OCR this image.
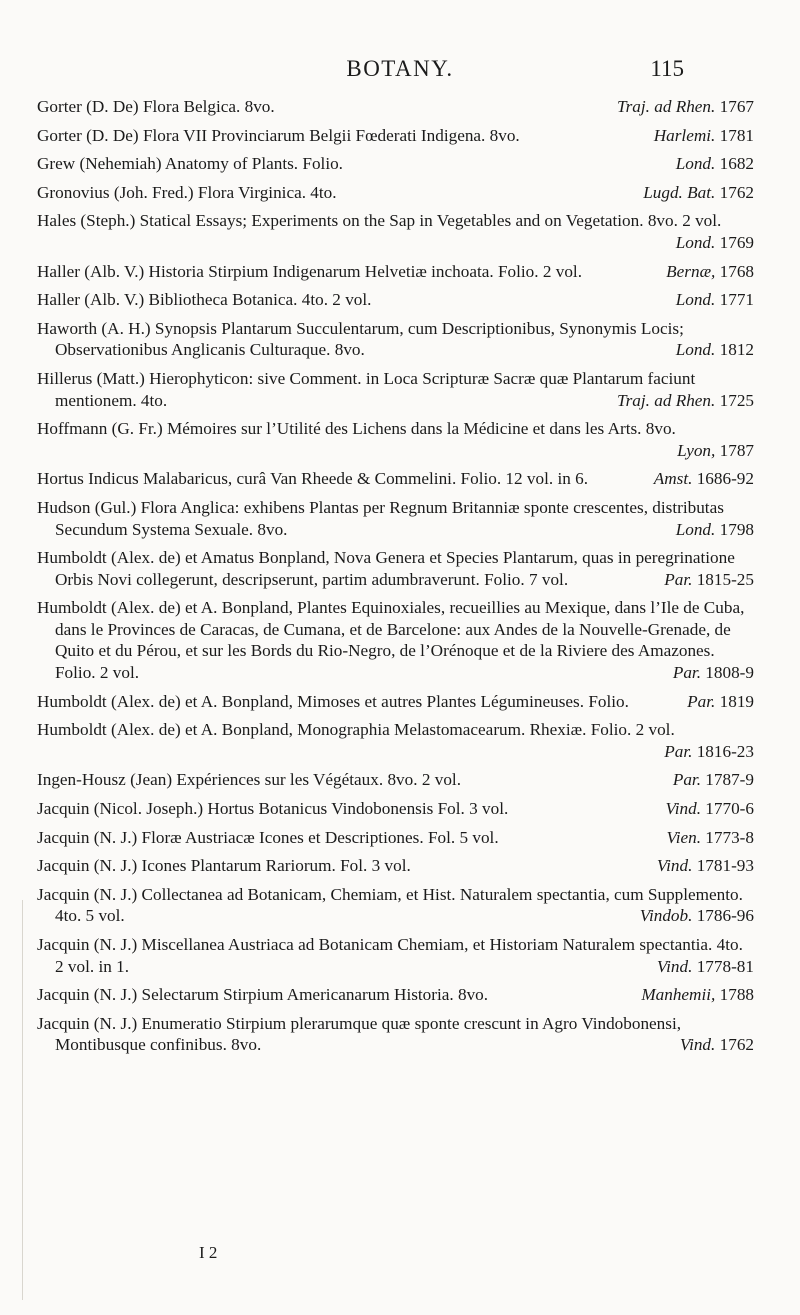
BOTANY.	115
Gorter (D. De) Flora Belgica. 8vo.	Traj. ad Rhen. 1767
Gorter (D. De) Flora VII Provinciarum Belgii Fœderati Indigena. 8vo.	Harlemi. 1781
Grew (Nehemiah) Anatomy of Plants. Folio.	Lond. 1682
Gronovius (Joh. Fred.) Flora Virginica. 4to.	Lugd. Bat. 1762
Hales (Steph.) Statical Essays; Experiments on the Sap in Vegetables and on Vegetation. 8vo. 2 vol.
Lond. 1769
Haller (Alb. V.) Historia Stirpium Indigenarum Helvetiæ inchoata. Folio. 2 vol.	Bernæ, 1768
Haller (Alb. V.) Bibliotheca Botanica. 4to. 2 vol.	Lond. 1771
Haworth (A. H.) Synopsis Plantarum Succulentarum, cum Descriptionibus, Synonymis Locis; Observationibus Anglicanis Culturaque. 8vo.	Lond. 1812
Hillerus (Matt.) Hierophyticon: sive Comment. in Loca Scripturæ Sacræ quæ Plantarum faciunt mentionem. 4to.	Traj. ad Rhen. 1725
Hoffmann (G. Fr.) Mémoires sur l’Utilité des Lichens dans la Médicine et dans les Arts. 8vo.
Lyon, 1787
Hortus Indicus Malabaricus, curâ Van Rheede & Commelini. Folio. 12 vol. in 6.	Amst. 1686-92
Hudson (Gul.) Flora Anglica: exhibens Plantas per Regnum Britanniæ sponte crescentes, distributas Secundum Systema Sexuale. 8vo.	Lond. 1798
Humboldt (Alex. de) et Amatus Bonpland, Nova Genera et Species Plantarum, quas in peregrinatione Orbis Novi collegerunt, descripserunt, partim adumbraverunt. Folio. 7 vol.	Par. 1815-25
Humboldt (Alex. de) et A. Bonpland, Plantes Equinoxiales, recueillies au Mexique, dans l’Ile de Cuba, dans le Provinces de Caracas, de Cumana, et de Barcelone: aux Andes de la Nouvelle-Grenade, de Quito et du Pérou, et sur les Bords du Rio-Negro, de l’Orénoque et de la Riviere des Amazones. Folio. 2 vol.	Par. 1808-9
Humboldt (Alex. de) et A. Bonpland, Mimoses et autres Plantes Légumineuses. Folio.	Par. 1819
Humboldt (Alex. de) et A. Bonpland, Monographia Melastomacearum. Rhexiæ. Folio. 2 vol.
Par. 1816-23
Ingen-Housz (Jean) Expériences sur les Végétaux. 8vo. 2 vol.	Par. 1787-9
Jacquin (Nicol. Joseph.) Hortus Botanicus Vindobonensis Fol. 3 vol.	Vind. 1770-6
Jacquin (N. J.) Floræ Austriacæ Icones et Descriptiones. Fol. 5 vol.	Vien. 1773-8
Jacquin (N. J.) Icones Plantarum Rariorum. Fol. 3 vol.	Vind. 1781-93
Jacquin (N. J.) Collectanea ad Botanicam, Chemiam, et Hist. Naturalem spectantia, cum Supplemento. 4to. 5 vol.	Vindob. 1786-96
Jacquin (N. J.) Miscellanea Austriaca ad Botanicam Chemiam, et Historiam Naturalem spectantia. 4to. 2 vol. in 1.	Vind. 1778-81
Jacquin (N. J.) Selectarum Stirpium Americanarum Historia. 8vo.	Manhemii, 1788
Jacquin (N. J.) Enumeratio Stirpium plerarumque quæ sponte crescunt in Agro Vindobonensi, Montibusque confinibus. 8vo.	Vind. 1762
I 2
